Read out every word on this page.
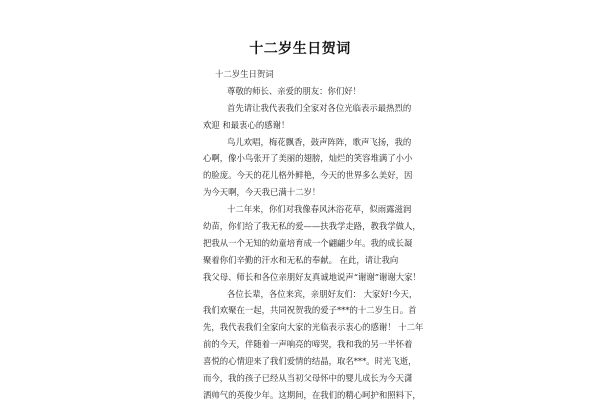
十二岁生日贺词
十二岁生日贺词
尊敬的师长、亲爱的朋友：你们好！
首先请让我代表我们全家对各位光临表示最热烈的
欢迎 和最衷心的感谢！
鸟儿欢唱，梅花飘香，鼓声阵阵，歌声飞扬，我的
心啊，像小鸟张开了美丽的翅膀，灿烂的笑容堆满了小小
的脸庞。今天的花儿格外鲜艳，今天的世界多么美好，因
为今天啊，今天我已满十二岁！
十二年来，你们对我像春风沐浴花草，似雨露滋润
幼苗，你们给了我无私的爱——扶我学走路，教我学做人，
把我从一个无知的幼童培育成一个翩翩少年。我的成长凝
聚着你们辛勤的汗水和无私的奉献。 在此，请让我向
我父母、师长和各位亲朋好友真诚地说声“谢谢”谢谢大家！
各位长辈，各位来宾，亲朋好友们： 大家好!今天，
我们欢聚在一起，共同祝贺我的爱子***的十二岁生日。首
先，我代表我们全家向大家的光临表示衷心的感谢！ 十二年
前的今天，伴随着一声响亮的啼哭，我和我的另一半怀着
喜悦的心情迎来了我们爱情的结晶，取名***。时光飞逝，
而今，我的孩子已经从当初父母怀中的婴儿成长为今天潇
洒帅气的英俊少年。这期间，在我们的精心呵护和照料下，
